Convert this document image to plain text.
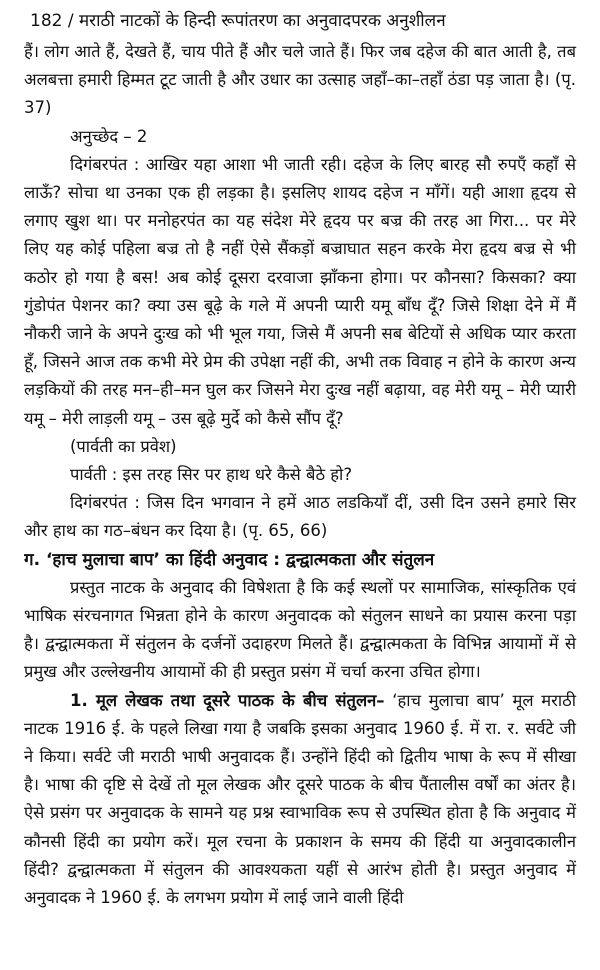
182 / मराठी नाटकों के हिन्दी रूपांतरण का अनुवादपरक अनुशीलन

हैं। लोग आते हैं, देखते हैं, चाय पीते हैं और चले जाते हैं। फिर जब दहेज की बात आती है, तब अलबत्ता हमारी हिम्मत टूट जाती है और उधार का उत्साह जहाँ–का–तहाँ ठंडा पड़ जाता है। (पृ. 37)

अनुच्छेद – 2

दिगंबरपंत : आखिर यहा आशा भी जाती रही। दहेज के लिए बारह सौ रुपएँ कहाँ से लाऊँ? सोचा था उनका एक ही लड़का है। इसलिए शायद दहेज न माँगें। यही आशा हृदय से लगाए खुश था। पर मनोहरपंत का यह संदेश मेरे हृदय पर बज्र की तरह आ गिरा... पर मेरे लिए यह कोई पहिला बज्र तो है नहीं ऐसे सैंकड़ों बज्राघात सहन करके मेरा हृदय बज्र से भी कठोर हो गया है बस! अब कोई दूसरा दरवाजा झाँकना होगा। पर कौनसा? किसका? क्या गुंडोपंत पेशनर का? क्या उस बूढ़े के गले में अपनी प्यारी यमू बाँध दूँ? जिसे शिक्षा देने में मैं नौकरी जाने के अपने दुःख को भी भूल गया, जिसे मैं अपनी सब बेटियों से अधिक प्यार करता हूँ, जिसने आज तक कभी मेरे प्रेम की उपेक्षा नहीं की, अभी तक विवाह न होने के कारण अन्य लड़कियों की तरह मन–ही–मन घुल कर जिसने मेरा दुःख नहीं बढ़ाया, वह मेरी यमू – मेरी प्यारी यमू – मेरी लाड़ली यमू – उस बूढ़े मुर्दे को कैसे सौंप दूँ?

(पार्वती का प्रवेश)

पार्वती : इस तरह सिर पर हाथ धरे कैसे बैठे हो?

दिगंबरपंत : जिस दिन भगवान ने हमें आठ लडकियाँ दीं, उसी दिन उसने हमारे सिर और हाथ का गठ–बंधन कर दिया है। (पृ. 65, 66)

ग. ‘हाच मुलाचा बाप’ का हिंदी अनुवाद : द्वन्द्वात्मकता और संतुलन

प्रस्तुत नाटक के अनुवाद की विषेशता है कि कई स्थलों पर सामाजिक, सांस्कृतिक एवं भाषिक संरचनागत भिन्नता होने के कारण अनुवादक को संतुलन साधने का प्रयास करना पड़ा है। द्वन्द्वात्मकता में संतुलन के दर्जनों उदाहरण मिलते हैं। द्वन्द्वात्मकता के विभिन्न आयामों में से प्रमुख और उल्लेखनीय आयामों की ही प्रस्तुत प्रसंग में चर्चा करना उचित होगा।

1. मूल लेखक तथा दूसरे पाठक के बीच संतुलन– ‘हाच मुलाचा बाप’ मूल मराठी नाटक 1916 ई. के पहले लिखा गया है जबकि इसका अनुवाद 1960 ई. में रा. र. सर्वटे जी ने किया। सर्वटे जी मराठी भाषी अनुवादक हैं। उन्होंने हिंदी को द्वितीय भाषा के रूप में सीखा है। भाषा की दृष्टि से देखें तो मूल लेखक और दूसरे पाठक के बीच पैंतालीस वर्षों का अंतर है। ऐसे प्रसंग पर अनुवादक के सामने यह प्रश्न स्वाभाविक रूप से उपस्थित होता है कि अनुवाद में कौनसी हिंदी का प्रयोग करें। मूल रचना के प्रकाशन के समय की हिंदी या अनुवादकालीन हिंदी? द्वन्द्वात्मकता में संतुलन की आवश्यकता यहीं से आरंभ होती है। प्रस्तुत अनुवाद में अनुवादक ने 1960 ई. के लगभग प्रयोग में लाई जाने वाली हिंदी
